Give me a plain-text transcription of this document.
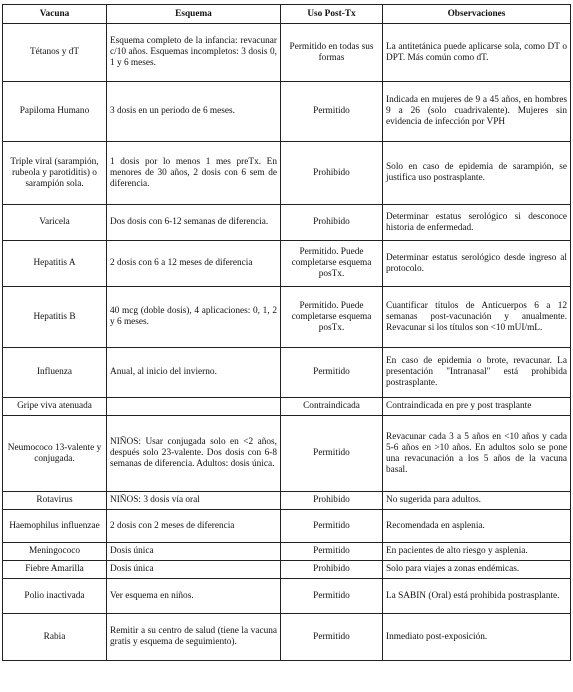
Vacuna	Esquema	Uso Post-Tx	Observaciones
Tétanos y dT	Esquema completo de la infancia: revacunar c/10 años. Esquemas incompletos: 3 dosis 0, 1 y 6 meses.	Permitido en todas sus formas	La antitetánica puede aplicarse sola, como DT o DPT. Más común como dT.
Papiloma Humano	3 dosis en un periodo de 6 meses.	Permitido	Indicada en mujeres de 9 a 45 años, en hombres 9 a 26 (solo cuadrivalente). Mujeres sin evidencia de infección por VPH
Triple viral (sarampión, rubeola y parotiditis) o sarampión sola.	1 dosis por lo menos 1 mes preTx. En menores de 30 años, 2 dosis con 6 sem de diferencia.	Prohibido	Solo en caso de epidemia de sarampión, se justifica uso postrasplante.
Varicela	Dos dosis con 6-12 semanas de diferencia.	Prohibido	Determinar estatus serológico si desconoce historia de enfermedad.
Hepatitis A	2 dosis con 6 a 12 meses de diferencia	Permitido. Puede completarse esquema posTx.	Determinar estatus serológico desde ingreso al protocolo.
Hepatitis B	40 mcg (doble dosis), 4 aplicaciones: 0, 1, 2 y 6 meses.	Permitido. Puede completarse esquema posTx.	Cuantificar títulos de Anticuerpos 6 a 12 semanas post-vacunación y anualmente. Revacunar si los títulos son <10 mUI/mL.
Influenza	Anual, al inicio del invierno.	Permitido	En caso de epidemia o brote, revacunar. La presentación "Intranasal" está prohibida postrasplante.
Gripe viva atenuada		Contraindicada	Contraindicada en pre y post trasplante
Neumococo 13-valente y conjugada.	NIÑOS: Usar conjugada solo en <2 años, después solo 23-valente. Dos dosis con 6-8 semanas de diferencia. Adultos: dosis única.	Permitido	Revacunar cada 3 a 5 años en <10 años y cada 5-6 años en >10 años. En adultos solo se pone una revacunación a los 5 años de la vacuna basal.
Rotavirus	NIÑOS: 3 dosis vía oral	Prohibido	No sugerida para adultos.
Haemophilus influenzae	2 dosis con 2 meses de diferencia	Permitido	Recomendada en asplenia.
Meningococo	Dosis única	Permitido	En pacientes de alto riesgo y asplenia.
Fiebre Amarilla	Dosis única	Prohibido	Solo para viajes a zonas endémicas.
Polio inactivada	Ver esquema en niños.	Permitido	La SABIN (Oral) está prohibida postrasplante.
Rabia	Remitir a su centro de salud (tiene la vacuna gratis y esquema de seguimiento).	Permitido	Inmediato post-exposición.
